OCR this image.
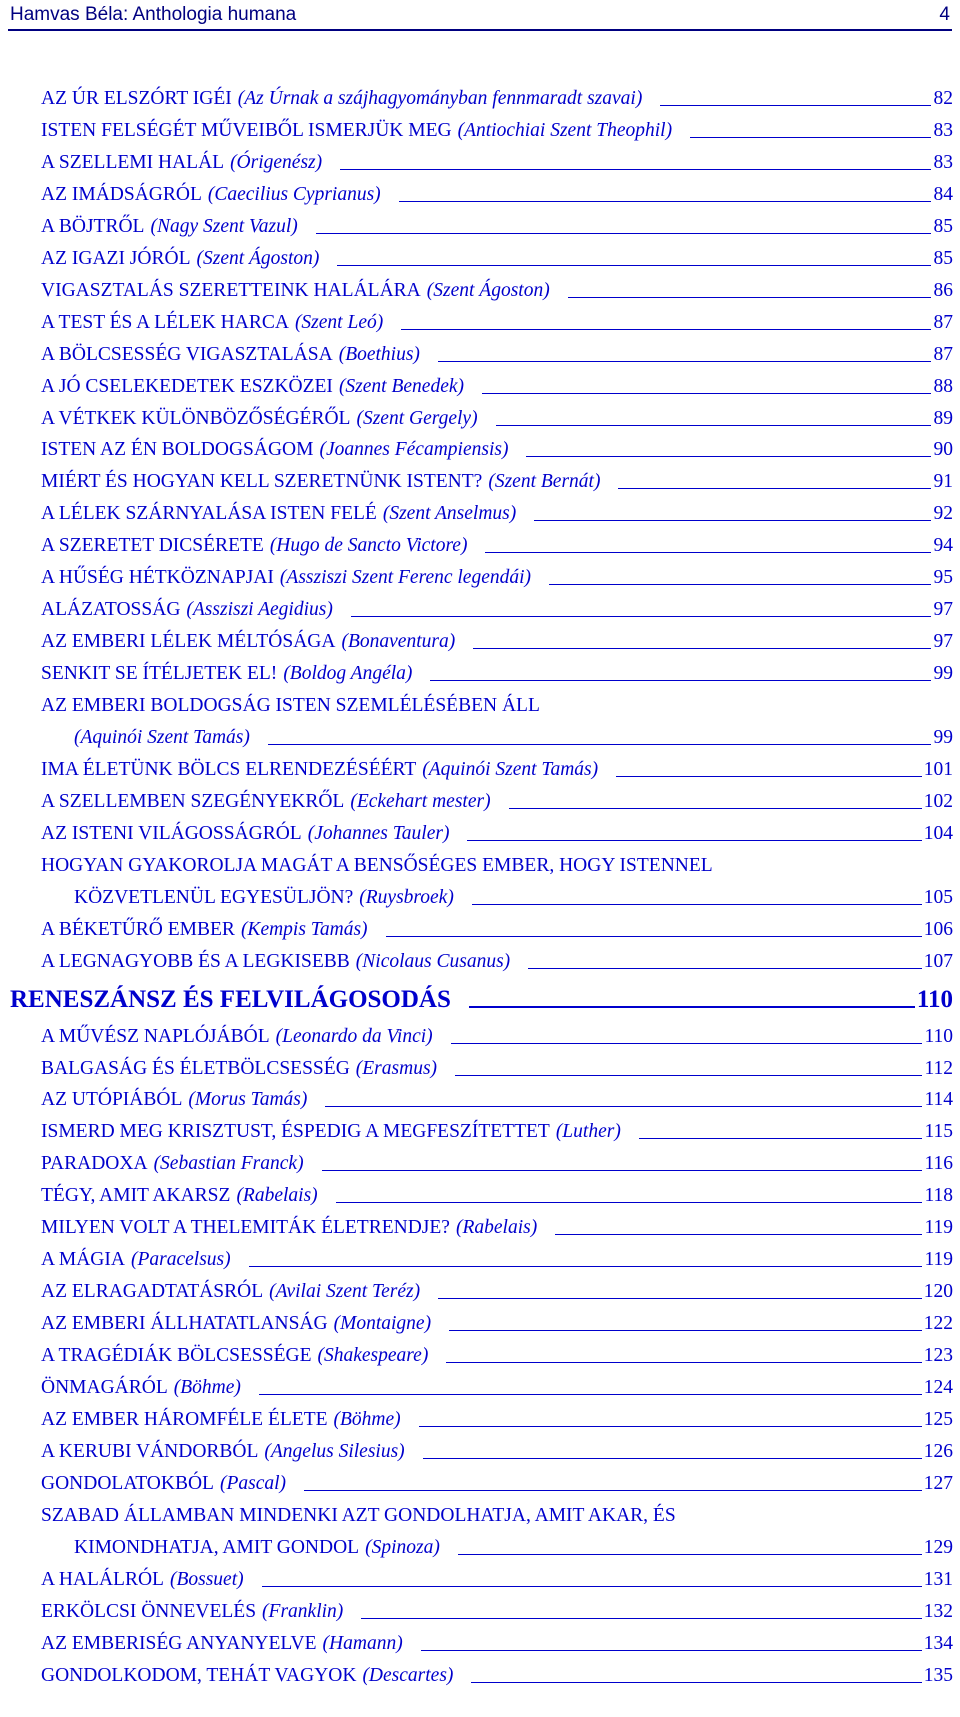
Hamvas Béla: Anthologia humana	4
AZ ÚR ELSZÓRT IGÉI (Az Úrnak a szájhagyományban fennmaradt szavai)	82
ISTEN FELSÉGÉT MŰVEIBŐL ISMERJÜK MEG (Antiochiai Szent Theophil)	83
A SZELLEMI HALÁL (Órigenész)	83
AZ IMÁDSÁGRÓL (Caecilius Cyprianus)	84
A BÖJTRŐL (Nagy Szent Vazul)	85
AZ IGAZI JÓRÓL (Szent Ágoston)	85
VIGASZTALÁS SZERETTEINK HALÁLÁRA (Szent Ágoston)	86
A TEST ÉS A LÉLEK HARCA (Szent Leó)	87
A BÖLCSESSÉG VIGASZTALÁSA (Boethius)	87
A JÓ CSELEKEDETEK ESZKÖZEI (Szent Benedek)	88
A VÉTKEK KÜLÖNBÖZŐSÉGÉRŐL (Szent Gergely)	89
ISTEN AZ ÉN BOLDOGSÁGOM (Joannes Fécampiensis)	90
MIÉRT ÉS HOGYAN KELL SZERETNÜNK ISTENT? (Szent Bernát)	91
A LÉLEK SZÁRNYALÁSA ISTEN FELÉ (Szent Anselmus)	92
A SZERETET DICSÉRETE (Hugo de Sancto Victore)	94
A HŰSÉG HÉTKÖZNAPJAI (Assziszi Szent Ferenc legendái)	95
ALÁZATOSSÁG (Assziszi Aegidius)	97
AZ EMBERI LÉLEK MÉLTÓSÁGA (Bonaventura)	97
SENKIT SE ÍTÉLJETEK EL! (Boldog Angéla)	99
AZ EMBERI BOLDOGSÁG ISTEN SZEMLÉLÉSÉBEN ÁLL
(Aquinói Szent Tamás)	99
IMA ÉLETÜNK BÖLCS ELRENDEZÉSÉÉRT (Aquinói Szent Tamás)	101
A SZELLEMBEN SZEGÉNYEKRŐL (Eckehart mester)	102
AZ ISTENI VILÁGOSSÁGRÓL (Johannes Tauler)	104
HOGYAN GYAKOROLJA MAGÁT A BENSŐSÉGES EMBER, HOGY ISTENNEL
KÖZVETLENÜL EGYESÜLJÖN? (Ruysbroek)	105
A BÉKETŰRŐ EMBER (Kempis Tamás)	106
A LEGNAGYOBB ÉS A LEGKISEBB (Nicolaus Cusanus)	107
RENESZÁNSZ ÉS FELVILÁGOSODÁS	110
A MŰVÉSZ NAPLÓJÁBÓL (Leonardo da Vinci)	110
BALGASÁG ÉS ÉLETBÖLCSESSÉG (Erasmus)	112
AZ UTÓPIÁBÓL (Morus Tamás)	114
ISMERD MEG KRISZTUST, ÉSPEDIG A MEGFESZÍTETTET (Luther)	115
PARADOXA (Sebastian Franck)	116
TÉGY, AMIT AKARSZ (Rabelais)	118
MILYEN VOLT A THELEMITÁK ÉLETRENDJE? (Rabelais)	119
A MÁGIA (Paracelsus)	119
AZ ELRAGADTATÁSRÓL (Avilai Szent Teréz)	120
AZ EMBERI ÁLLHATATLANSÁG (Montaigne)	122
A TRAGÉDIÁK BÖLCSESSÉGE (Shakespeare)	123
ÖNMAGÁRÓL (Böhme)	124
AZ EMBER HÁROMFÉLE ÉLETE (Böhme)	125
A KERUBI VÁNDORBÓL (Angelus Silesius)	126
GONDOLATOKBÓL (Pascal)	127
SZABAD ÁLLAMBAN MINDENKI AZT GONDOLHATJA, AMIT AKAR, ÉS
KIMONDHATJA, AMIT GONDOL (Spinoza)	129
A HALÁLRÓL (Bossuet)	131
ERKÖLCSI ÖNNEVELÉS (Franklin)	132
AZ EMBERISÉG ANYANYELVE (Hamann)	134
GONDOLKODOM, TEHÁT VAGYOK (Descartes)	135
